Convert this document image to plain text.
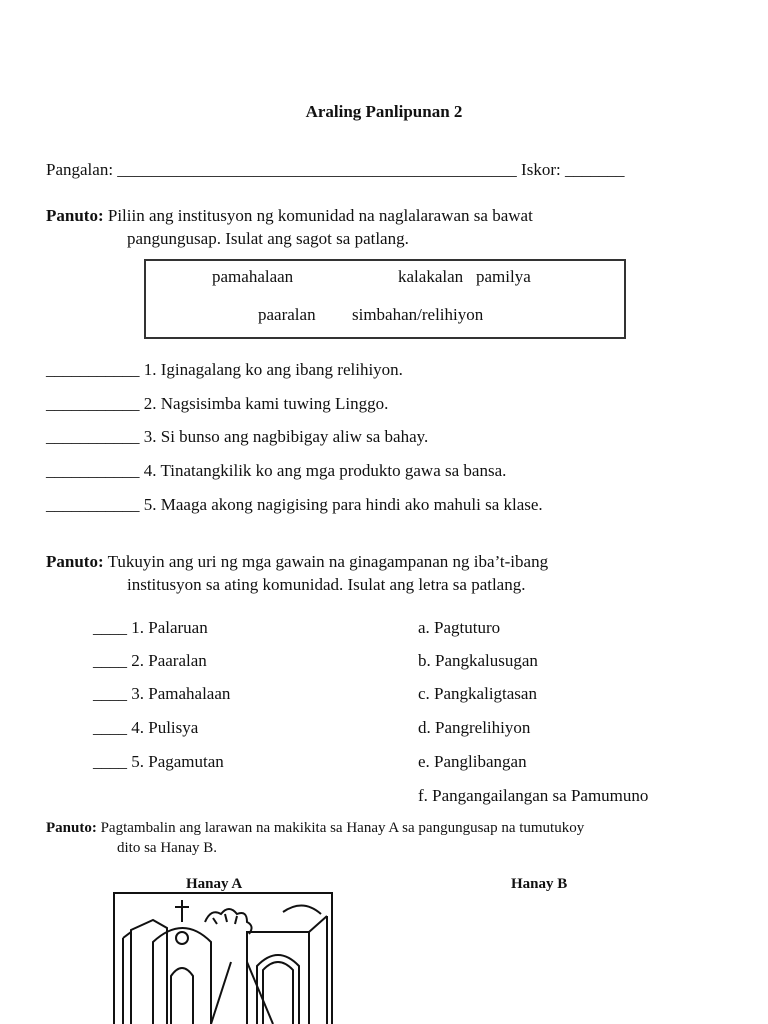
Araling Panlipunan 2
Pangalan: _______________________________________________ Iskor: _______
Panuto: Piliin ang institusyon ng komunidad na naglalarawan sa bawat
pangungusap. Isulat ang sagot sa patlang.
pamahalaan	kalakalan pamilya
paaralan simbahan/relihiyon
___________ 1. Iginagalang ko ang ibang relihiyon.
___________ 2. Nagsisimba kami tuwing Linggo.
___________ 3. Si bunso ang nagbibigay aliw sa bahay.
___________ 4. Tinatangkilik ko ang mga produkto gawa sa bansa.
___________ 5. Maaga akong nagigising para hindi ako mahuli sa klase.
Panuto: Tukuyin ang uri ng mga gawain na ginagampanan ng iba’t-ibang
institusyon sa ating komunidad. Isulat ang letra sa patlang.
____ 1. Palaruan
____ 2. Paaralan
____ 3. Pamahalaan
____ 4. Pulisya
____ 5. Pagamutan
a. Pagtuturo
b. Pangkalusugan
c. Pangkaligtasan
d. Pangrelihiyon
e. Panglibangan
f. Pangangailangan sa Pamumuno
Panuto: Pagtambalin ang larawan na makikita sa Hanay A sa pangungusap na tumutukoy
dito sa Hanay B.
Hanay A	Hanay B
